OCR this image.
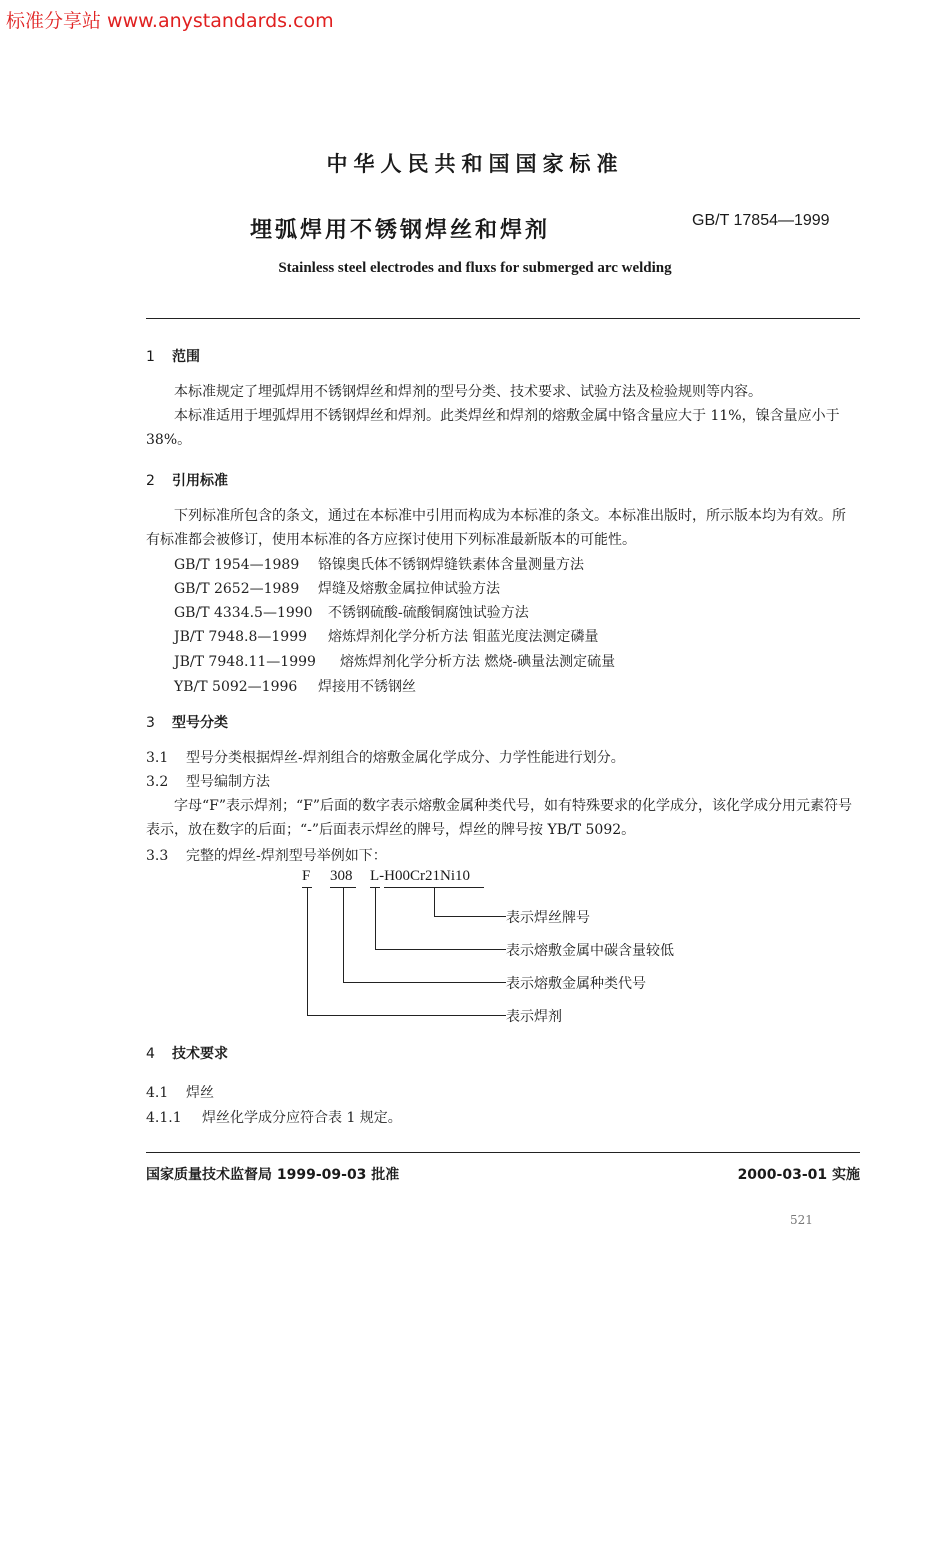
标准分享站 www.anystandards.com
中华人民共和国国家标准
埋弧焊用不锈钢焊丝和焊剂	GB/T 17854—1999
Stainless steel electrodes and fluxs for submerged arc welding
1 范围
本标准规定了埋弧焊用不锈钢焊丝和焊剂的型号分类、技术要求、试验方法及检验规则等内容。
本标准适用于埋弧焊用不锈钢焊丝和焊剂。此类焊丝和焊剂的熔敷金属中铬含量应大于 11%，镍含量应小于 38%。
2 引用标准
下列标准所包含的条文，通过在本标准中引用而构成为本标准的条文。本标准出版时，所示版本均为有效。所有标准都会被修订，使用本标准的各方应探讨使用下列标准最新版本的可能性。
GB/T 1954—1989 铬镍奥氏体不锈钢焊缝铁素体含量测量方法
GB/T 2652—1989 焊缝及熔敷金属拉伸试验方法
GB/T 4334.5—1990 不锈钢硫酸-硫酸铜腐蚀试验方法
JB/T 7948.8—1999 熔炼焊剂化学分析方法 钼蓝光度法测定磷量
JB/T 7948.11—1999 熔炼焊剂化学分析方法 燃烧-碘量法测定硫量
YB/T 5092—1996 焊接用不锈钢丝
3 型号分类
3.1 型号分类根据焊丝-焊剂组合的熔敷金属化学成分、力学性能进行划分。
3.2 型号编制方法
字母“F”表示焊剂；“F”后面的数字表示熔敷金属种类代号，如有特殊要求的化学成分，该化学成分用元素符号表示，放在数字的后面；“-”后面表示焊丝的牌号，焊丝的牌号按 YB/T 5092。
3.3 完整的焊丝-焊剂型号举例如下：
F 308 L-H00Cr21Ni10
表示焊丝牌号
表示熔敷金属中碳含量较低
表示熔敷金属种类代号
表示焊剂
4 技术要求
4.1 焊丝
4.1.1 焊丝化学成分应符合表 1 规定。
国家质量技术监督局 1999-09-03 批准	2000-03-01 实施
521
